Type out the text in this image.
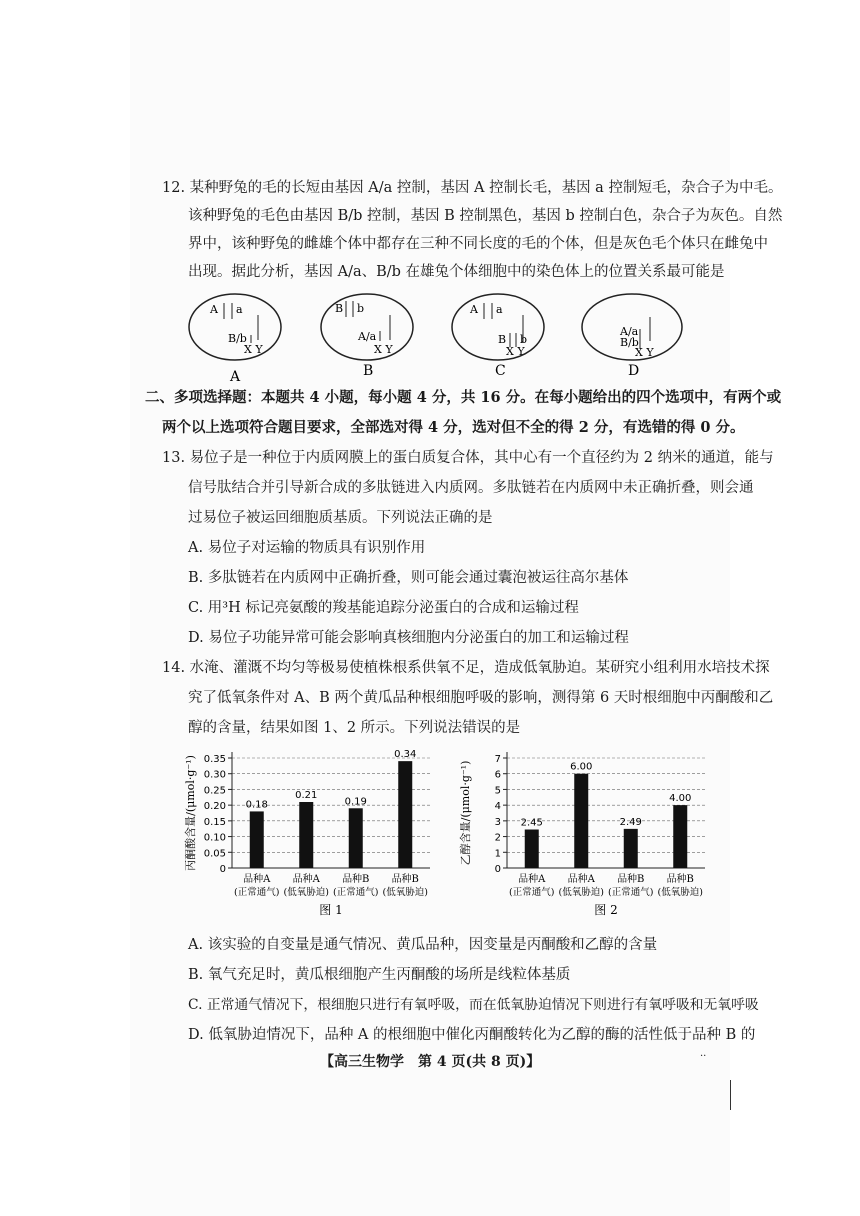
12. 某种野兔的毛的长短由基因 A/a 控制，基因 A 控制长毛，基因 a 控制短毛，杂合子为中毛。
该种野兔的毛色由基因 B/b 控制，基因 B 控制黑色，基因 b 控制白色，杂合子为灰色。自然
界中，该种野兔的雌雄个体中都存在三种不同长度的毛的个体，但是灰色毛个体只在雌兔中
出现。据此分析，基因 A/a、B/b 在雄兔个体细胞中的染色体上的位置关系最可能是
A a
B/b
X Y
B b
A/a
X Y
A a
B b
X Y
A/a
B/b
X Y
A	B	C	D
二、多项选择题：本题共 4 小题，每小题 4 分，共 16 分。在每小题给出的四个选项中，有两个或
两个以上选项符合题目要求，全部选对得 4 分，选对但不全的得 2 分，有选错的得 0 分。
13. 易位子是一种位于内质网膜上的蛋白质复合体，其中心有一个直径约为 2 纳米的通道，能与
信号肽结合并引导新合成的多肽链进入内质网。多肽链若在内质网中未正确折叠，则会通
过易位子被运回细胞质基质。下列说法正确的是
A. 易位子对运输的物质具有识别作用
B. 多肽链若在内质网中正确折叠，则可能会通过囊泡被运往高尔基体
C. 用³H 标记亮氨酸的羧基能追踪分泌蛋白的合成和运输过程
D. 易位子功能异常可能会影响真核细胞内分泌蛋白的加工和运输过程
14. 水淹、灌溉不均匀等极易使植株根系供氧不足，造成低氧胁迫。某研究小组利用水培技术探
究了低氧条件对 A、B 两个黄瓜品种根细胞呼吸的影响，测得第 6 天时根细胞中丙酮酸和乙
醇的含量，结果如图 1、2 所示。下列说法错误的是
丙酮酸含量/(μmol·g⁻¹) 0
0.05
0.10
0.15
0.20
0.25
0.30
0.35
0.18
品种A
(正常通气)
0.21
品种A
(低氧胁迫)
0.19
品种B
(正常通气)
0.34
品种B
(低氧胁迫)
图 1
乙醇含量/(μmol·g⁻¹)
0
1
2
3
4
5
6
7
2.45
品种A
(正常通气)
6.00
品种A
(低氧胁迫)
2.49
品种B
(正常通气)
4.00
品种B
(低氧胁迫)
图 2
A. 该实验的自变量是通气情况、黄瓜品种，因变量是丙酮酸和乙醇的含量
B. 氧气充足时，黄瓜根细胞产生丙酮酸的场所是线粒体基质
C. 正常通气情况下，根细胞只进行有氧呼吸，而在低氧胁迫情况下则进行有氧呼吸和无氧呼吸
D. 低氧胁迫情况下，品种 A 的根细胞中催化丙酮酸转化为乙醇的酶的活性低于品种 B 的
【高三生物学　第 4 页(共 8 页)】
..
